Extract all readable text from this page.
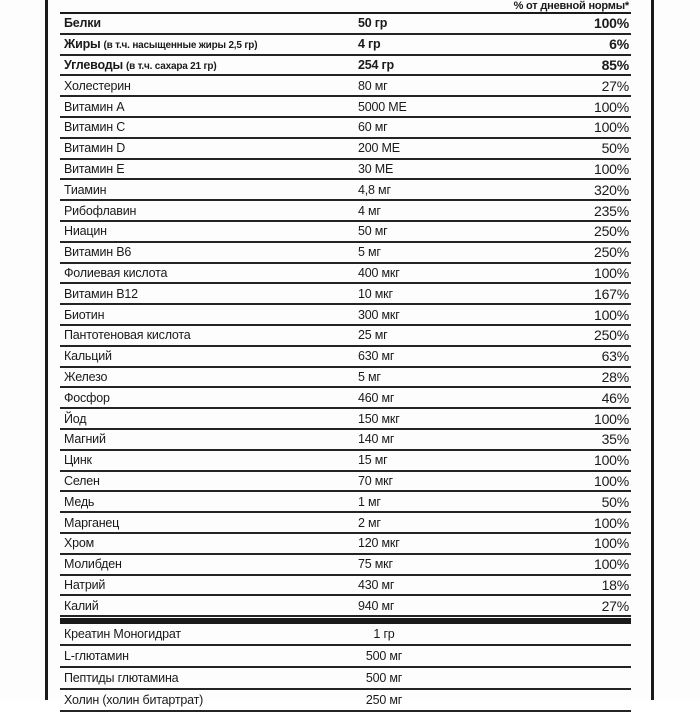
% от дневной нормы*
Белки	50 гр	100%
Жиры (в т.ч. насыщенные жиры 2,5 гр)	4 гр	6%
Углеводы (в т.ч. сахара 21 гр)	254 гр	85%
Холестерин	80 мг	27%
Витамин А	5000 МЕ	100%
Витамин С	60 мг	100%
Витамин D	200 МЕ	50%
Витамин Е	30 МЕ	100%
Тиамин	4,8 мг	320%
Рибофлавин	4 мг	235%
Ниацин	50 мг	250%
Витамин В6	5 мг	250%
Фолиевая кислота	400 мкг	100%
Витамин В12	10 мкг	167%
Биотин	300 мкг	100%
Пантотеновая кислота	25 мг	250%
Кальций	630 мг	63%
Железо	5 мг	28%
Фосфор	460 мг	46%
Йод	150 мкг	100%
Магний	140 мг	35%
Цинк	15 мг	100%
Селен	70 мкг	100%
Медь	1 мг	50%
Марганец	2 мг	100%
Хром	120 мкг	100%
Молибден	75 мкг	100%
Натрий	430 мг	18%
Калий	940 мг	27%
Креатин Моногидрат	1 гр
L-глютамин	500 мг
Пептиды глютамина	500 мг
Холин (холин битартрат)	250 мг
